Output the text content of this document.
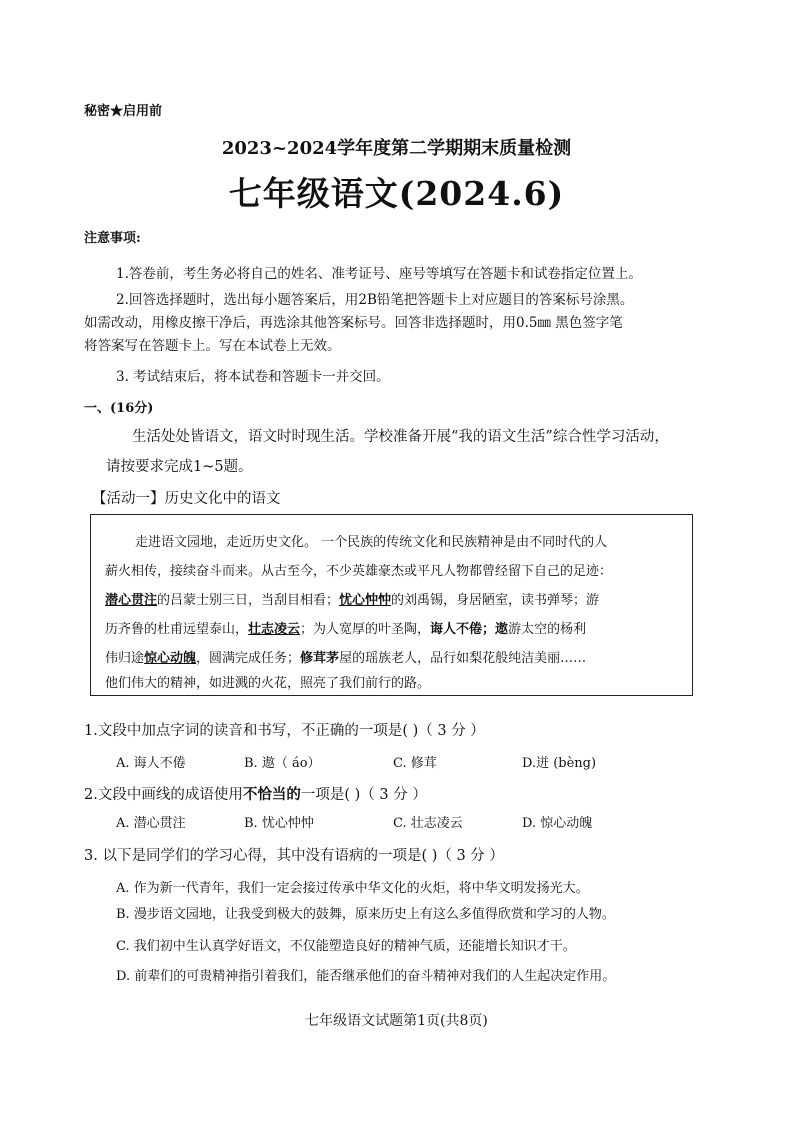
秘密★启用前
2023~2024学年度第二学期期末质量检测
七年级语文(2024.6)
注意事项:
1.答卷前，考生务必将自己的姓名、准考证号、座号等填写在答题卡和试卷指定位置上。
2.回答选择题时，选出每小题答案后，用2B铅笔把答题卡上对应题目的答案标号涂黑。
如需改动，用橡皮擦干净后，再选涂其他答案标号。回答非选择题时，用0.5㎜ 黑色签字笔
将答案写在答题卡上。写在本试卷上无效。
3. 考试结束后，将本试卷和答题卡一并交回。
一、(16分)
生活处处皆语文，语文时时现生活。学校准备开展“我的语文生活”综合性学习活动，
请按要求完成1~5题。
【活动一】历史文化中的语文
走进语文园地，走近历史文化。 一个民族的传统文化和民族精神是由不同时代的人
薪火相传，接续奋斗而来。从古至今，不少英雄豪杰或平凡人物都曾经留下自己的足迹：
潜心贯注的吕蒙士别三日，当刮目相看；忧心忡忡的刘禹锡，身居陋室，读书弹琴；游
历齐鲁的杜甫远望泰山，壮志凌云；为人宽厚的叶圣陶，诲人不倦；遨游太空的杨利
伟归途惊心动魄，圆满完成任务；修茸茅屋的瑶族老人，品行如梨花般纯洁美丽……
他们伟大的精神，如进溅的火花，照亮了我们前行的路。
1.文段中加点字词的读音和书写，不正确的一项是( )（ 3 分 ）
A. 诲人不倦	B. 遨（ áo）	C. 修茸	D.迸 (bèng)
2.文段中画线的成语使用不恰当的一项是( )（ 3 分 ）
A. 潜心贯注	B. 忧心忡忡	C. 壮志凌云	D. 惊心动魄
3. 以下是同学们的学习心得，其中没有语病的一项是( )（ 3 分 ）
A. 作为新一代青年，我们一定会接过传承中华文化的火炬，将中华文明发扬光大。
B. 漫步语文园地，让我受到极大的鼓舞，原来历史上有这么多值得欣赏和学习的人物。
C. 我们初中生认真学好语文，不仅能塑造良好的精神气质，还能增长知识才干。
D. 前辈们的可贵精神指引着我们，能否继承他们的奋斗精神对我们的人生起决定作用。
七年级语文试题第1页(共8页)
